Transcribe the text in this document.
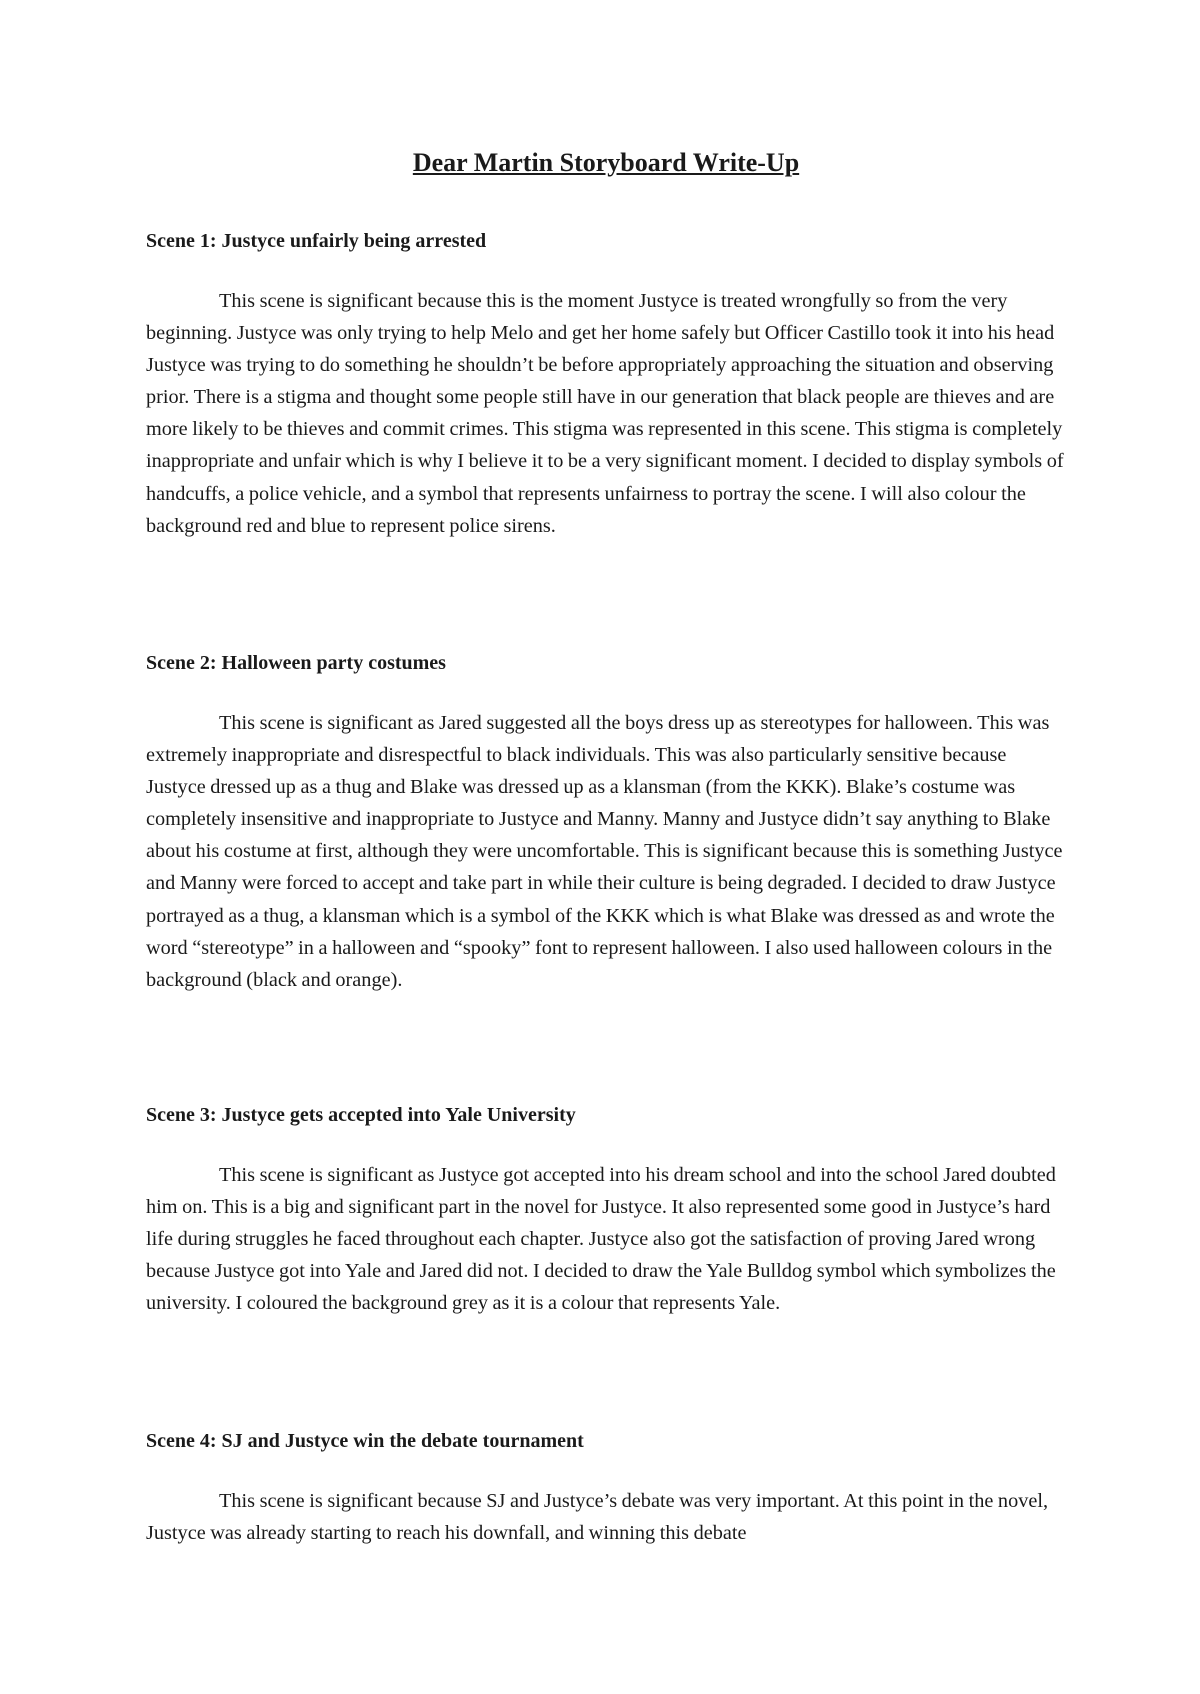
Dear Martin Storyboard Write-Up

Scene 1: Justyce unfairly being arrested

This scene is significant because this is the moment Justyce is treated wrongfully so from the very beginning. Justyce was only trying to help Melo and get her home safely but Officer Castillo took it into his head Justyce was trying to do something he shouldn’t be before appropriately approaching the situation and observing prior. There is a stigma and thought some people still have in our generation that black people are thieves and are more likely to be thieves and commit crimes. This stigma was represented in this scene. This stigma is completely inappropriate and unfair which is why I believe it to be a very significant moment. I decided to display symbols of handcuffs, a police vehicle, and a symbol that represents unfairness to portray the scene. I will also colour the background red and blue to represent police sirens.

Scene 2: Halloween party costumes

This scene is significant as Jared suggested all the boys dress up as stereotypes for halloween. This was extremely inappropriate and disrespectful to black individuals. This was also particularly sensitive because Justyce dressed up as a thug and Blake was dressed up as a klansman (from the KKK). Blake’s costume was completely insensitive and inappropriate to Justyce and Manny. Manny and Justyce didn’t say anything to Blake about his costume at first, although they were uncomfortable. This is significant because this is something Justyce and Manny were forced to accept and take part in while their culture is being degraded. I decided to draw Justyce portrayed as a thug, a klansman which is a symbol of the KKK which is what Blake was dressed as and wrote the word “stereotype” in a halloween and “spooky” font to represent halloween. I also used halloween colours in the background (black and orange).

Scene 3: Justyce gets accepted into Yale University

This scene is significant as Justyce got accepted into his dream school and into the school Jared doubted him on. This is a big and significant part in the novel for Justyce. It also represented some good in Justyce’s hard life during struggles he faced throughout each chapter. Justyce also got the satisfaction of proving Jared wrong because Justyce got into Yale and Jared did not. I decided to draw the Yale Bulldog symbol which symbolizes the university. I coloured the background grey as it is a colour that represents Yale.

Scene 4: SJ and Justyce win the debate tournament

This scene is significant because SJ and Justyce’s debate was very important. At this point in the novel, Justyce was already starting to reach his downfall, and winning this debate
